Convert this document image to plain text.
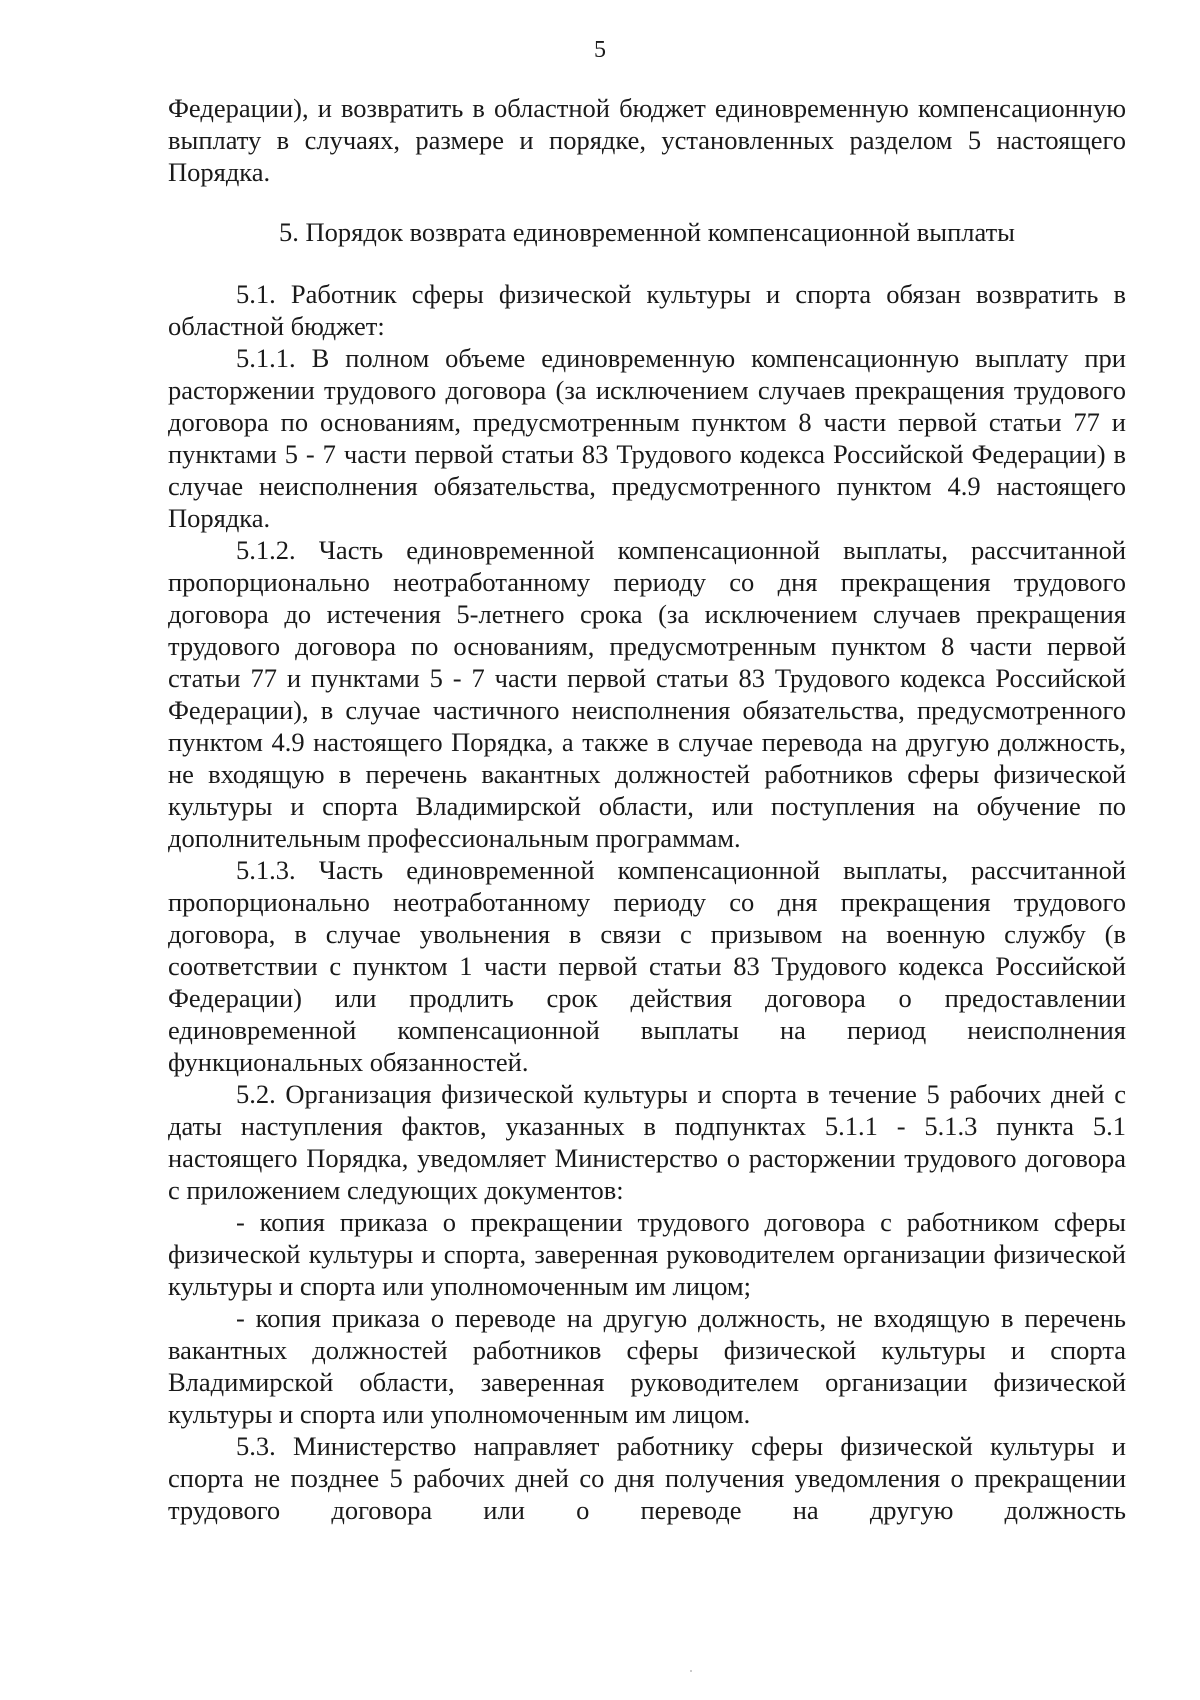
5

Федерации), и возвратить в областной бюджет единовременную компенсационную выплату в случаях, размере и порядке, установленных разделом 5 настоящего Порядка.

5. Порядок возврата единовременной компенсационной выплаты

5.1. Работник сферы физической культуры и спорта обязан возвратить в областной бюджет:

5.1.1. В полном объеме единовременную компенсационную выплату при расторжении трудового договора (за исключением случаев прекращения трудового договора по основаниям, предусмотренным пунктом 8 части первой статьи 77 и пунктами 5 - 7 части первой статьи 83 Трудового кодекса Российской Федерации) в случае неисполнения обязательства, предусмотренного пунктом 4.9 настоящего Порядка.

5.1.2. Часть единовременной компенсационной выплаты, рассчитанной пропорционально неотработанному периоду со дня прекращения трудового договора до истечения 5-летнего срока (за исключением случаев прекращения трудового договора по основаниям, предусмотренным пунктом 8 части первой статьи 77 и пунктами 5 - 7 части первой статьи 83 Трудового кодекса Российской Федерации), в случае частичного неисполнения обязательства, предусмотренного пунктом 4.9 настоящего Порядка, а также в случае перевода на другую должность, не входящую в перечень вакантных должностей работников сферы физической культуры и спорта Владимирской области, или поступления на обучение по дополнительным профессиональным программам.

5.1.3. Часть единовременной компенсационной выплаты, рассчитанной пропорционально неотработанному периоду со дня прекращения трудового договора, в случае увольнения в связи с призывом на военную службу (в соответствии с пунктом 1 части первой статьи 83 Трудового кодекса Российской Федерации) или продлить срок действия договора о предоставлении единовременной компенсационной выплаты на период неисполнения функциональных обязанностей.

5.2. Организация физической культуры и спорта в течение 5 рабочих дней с даты наступления фактов, указанных в подпунктах 5.1.1 - 5.1.3 пункта 5.1 настоящего Порядка, уведомляет Министерство о расторжении трудового договора с приложением следующих документов:

- копия приказа о прекращении трудового договора с работником сферы физической культуры и спорта, заверенная руководителем организации физической культуры и спорта или уполномоченным им лицом;

- копия приказа о переводе на другую должность, не входящую в перечень вакантных должностей работников сферы физической культуры и спорта Владимирской области, заверенная руководителем организации физической культуры и спорта или уполномоченным им лицом.

5.3. Министерство направляет работнику сферы физической культуры и спорта не позднее 5 рабочих дней со дня получения уведомления о прекращении трудового договора или о переводе на другую должность
